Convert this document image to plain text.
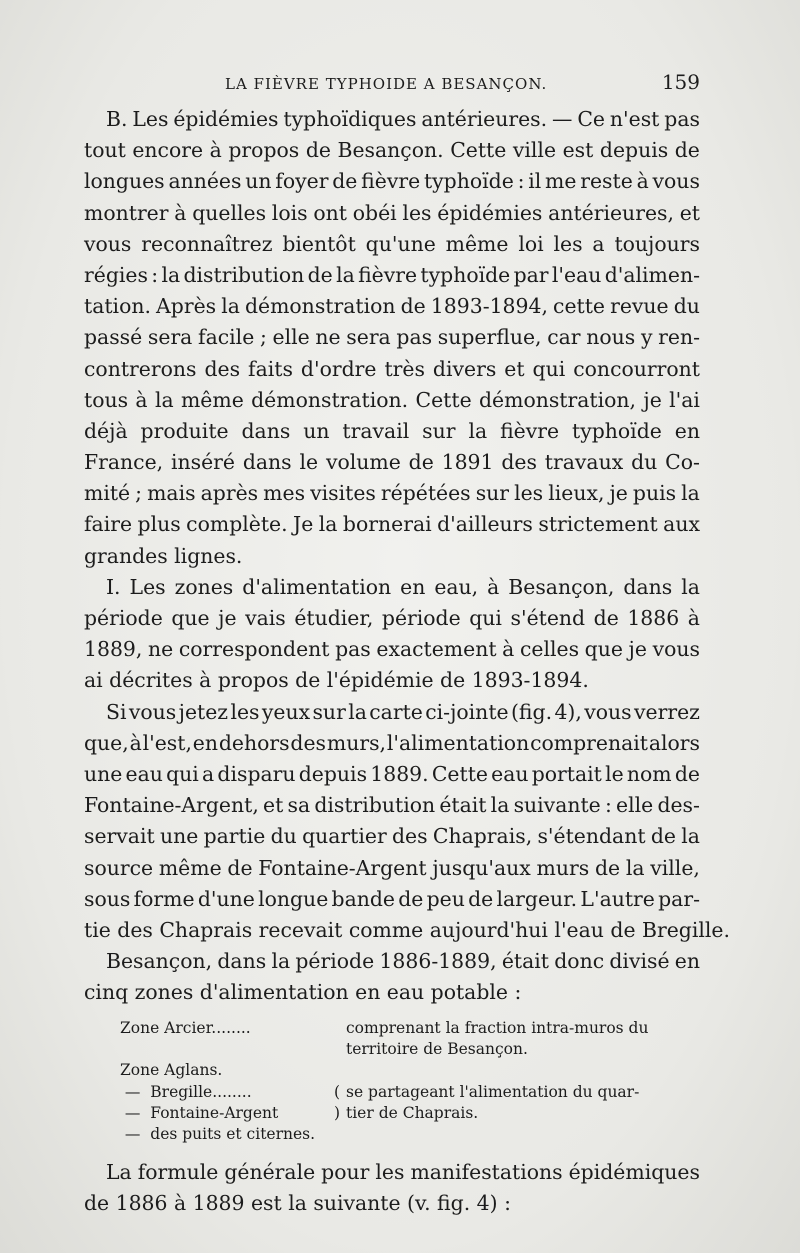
LA FIÈVRE TYPHOIDE A BESANÇON.	159
B. Les épidémies typhoïdiques antérieures. — Ce n'est pas
tout encore à propos de Besançon. Cette ville est depuis de
longues années un foyer de fièvre typhoïde : il me reste à vous
montrer à quelles lois ont obéi les épidémies antérieures, et
vous reconnaîtrez bientôt qu'une même loi les a toujours
régies : la distribution de la fièvre typhoïde par l'eau d'alimen-
tation. Après la démonstration de 1893-1894, cette revue du
passé sera facile ; elle ne sera pas superflue, car nous y ren-
contrerons des faits d'ordre très divers et qui concourront
tous à la même démonstration. Cette démonstration, je l'ai
déjà produite dans un travail sur la fièvre typhoïde en
France, inséré dans le volume de 1891 des travaux du Co-
mité ; mais après mes visites répétées sur les lieux, je puis la
faire plus complète. Je la bornerai d'ailleurs strictement aux
grandes lignes.
I. Les zones d'alimentation en eau, à Besançon, dans la
période que je vais étudier, période qui s'étend de 1886 à
1889, ne correspondent pas exactement à celles que je vous
ai décrites à propos de l'épidémie de 1893-1894.
Si vous jetez les yeux sur la carte ci-jointe (fig. 4), vous verrez
que, à l'est, en dehors des murs, l'alimentation comprenait alors
une eau qui a disparu depuis 1889. Cette eau portait le nom de
Fontaine-Argent, et sa distribution était la suivante : elle des-
servait une partie du quartier des Chaprais, s'étendant de la
source même de Fontaine-Argent jusqu'aux murs de la ville,
sous forme d'une longue bande de peu de largeur. L'autre par-
tie des Chaprais recevait comme aujourd'hui l'eau de Bregille.
Besançon, dans la période 1886-1889, était donc divisé en
cinq zones d'alimentation en eau potable :
Zone Arcier........	comprenant la fraction intra-muros du
territoire de Besançon.
Zone Aglans.
—  Bregille........	( se partageant l'alimentation du quar-
—  Fontaine-Argent	) tier de Chaprais.
—  des puits et citernes.
La formule générale pour les manifestations épidémiques
de 1886 à 1889 est la suivante (v. fig. 4) :
